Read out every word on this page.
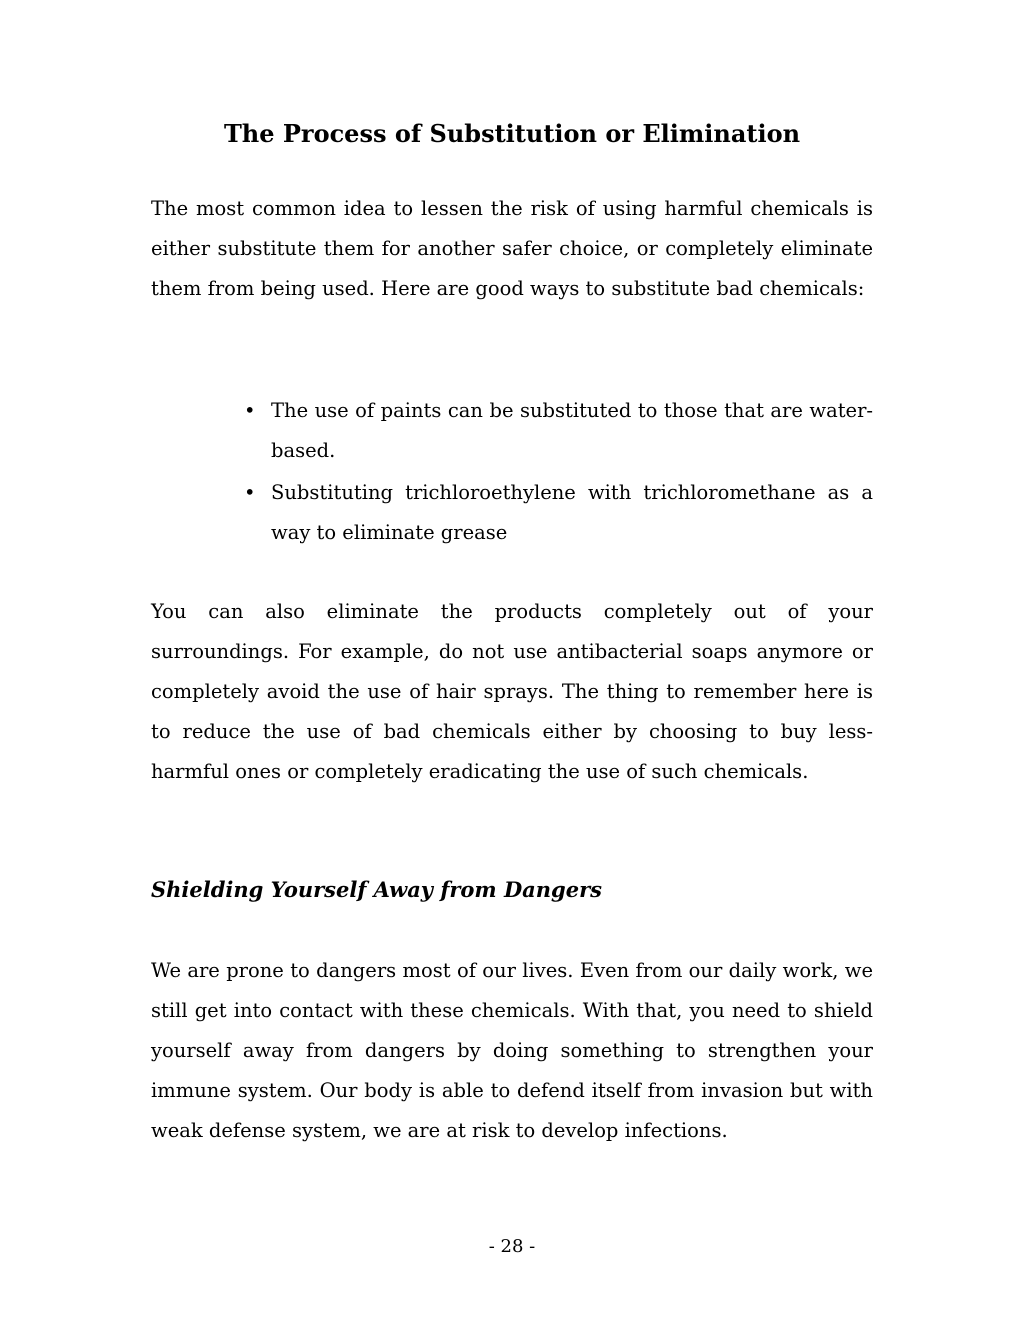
The Process of Substitution or Elimination

The most common idea to lessen the risk of using harmful chemicals is either substitute them for another safer choice, or completely eliminate them from being used. Here are good ways to substitute bad chemicals:

• The use of paints can be substituted to those that are water-based.
• Substituting trichloroethylene with trichloromethane as a way to eliminate grease

You can also eliminate the products completely out of your surroundings. For example, do not use antibacterial soaps anymore or completely avoid the use of hair sprays. The thing to remember here is to reduce the use of bad chemicals either by choosing to buy less-harmful ones or completely eradicating the use of such chemicals.

Shielding Yourself Away from Dangers

We are prone to dangers most of our lives. Even from our daily work, we still get into contact with these chemicals. With that, you need to shield yourself away from dangers by doing something to strengthen your immune system. Our body is able to defend itself from invasion but with weak defense system, we are at risk to develop infections.

- 28 -
